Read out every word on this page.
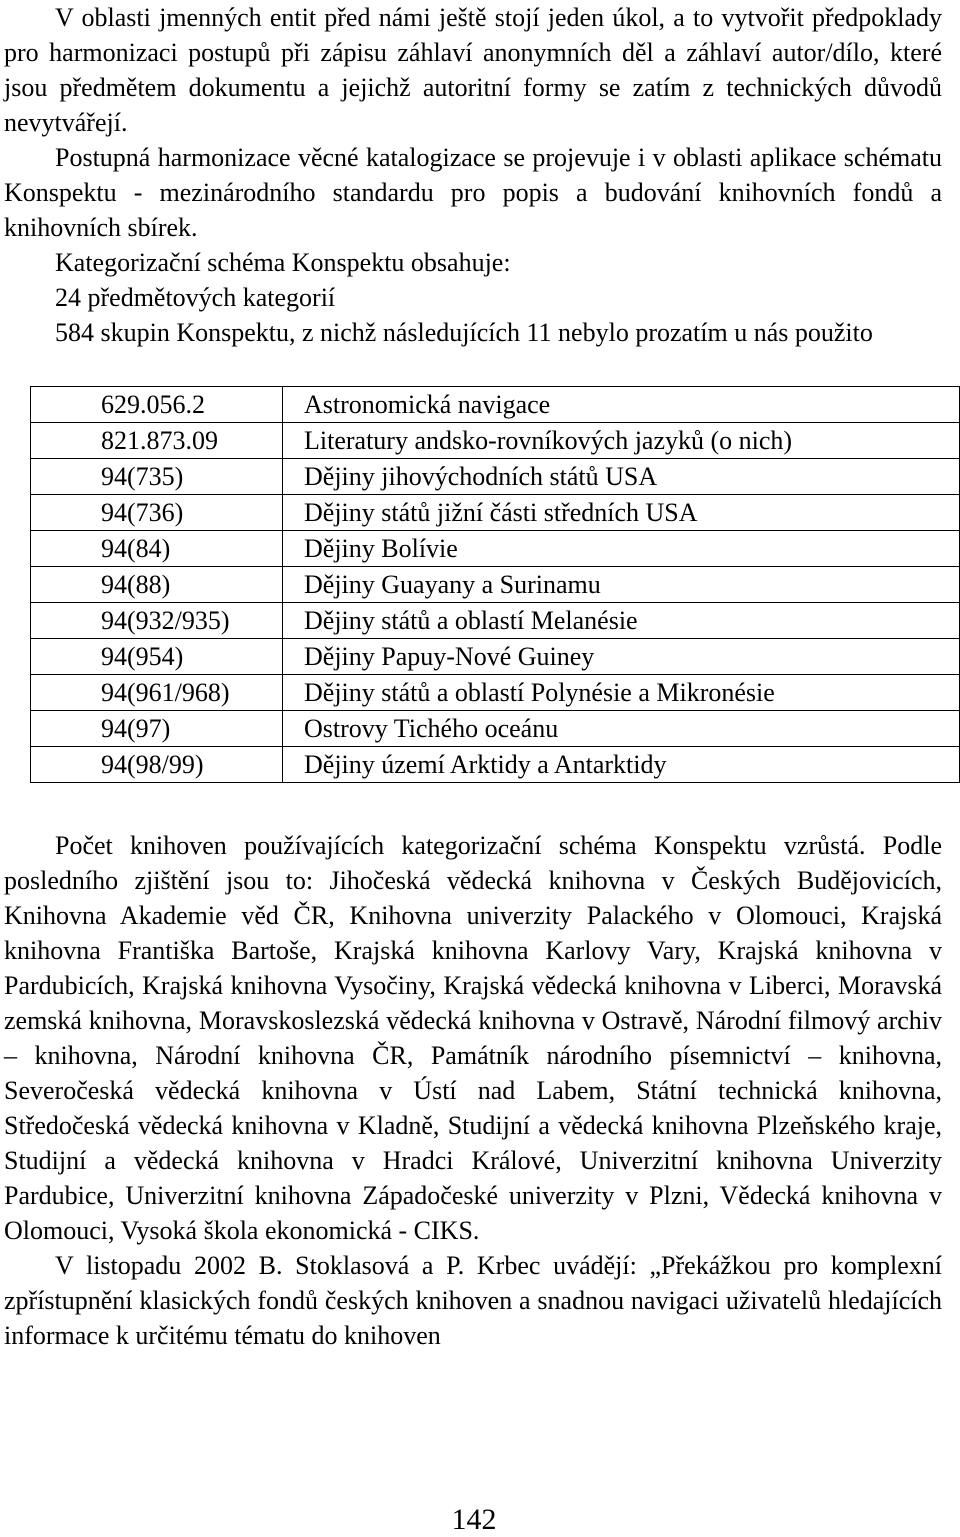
V oblasti jmenných entit před námi ještě stojí jeden úkol, a to vytvořit předpoklady pro harmonizaci postupů při zápisu záhlaví anonymních děl a záhlaví autor/dílo, které jsou předmětem dokumentu a jejichž autoritní formy se zatím z technických důvodů nevytvářejí.

Postupná harmonizace věcné katalogizace se projevuje i v oblasti aplikace schématu Konspektu - mezinárodního standardu pro popis a budování knihovních fondů a knihovních sbírek.

Kategorizační schéma Konspektu obsahuje:

24 předmětových kategorií

584 skupin Konspektu, z nichž následujících 11 nebylo prozatím u nás použito

629.056.2	Astronomická navigace
821.873.09	Literatury andsko-rovníkových jazyků (o nich)
94(735)	Dějiny jihovýchodních států USA
94(736)	Dějiny států jižní části středních USA
94(84)	Dějiny Bolívie
94(88)	Dějiny Guayany a Surinamu
94(932/935)	Dějiny států a oblastí Melanésie
94(954)	Dějiny Papuy-Nové Guiney
94(961/968)	Dějiny států a oblastí Polynésie a Mikronésie
94(97)	Ostrovy Tichého oceánu
94(98/99)	Dějiny území Arktidy a Antarktidy

Počet knihoven používajících kategorizační schéma Konspektu vzrůstá. Podle posledního zjištění jsou to: Jihočeská vědecká knihovna v Českých Budějovicích, Knihovna Akademie věd ČR, Knihovna univerzity Palackého v Olomouci, Krajská knihovna Františka Bartoše, Krajská knihovna Karlovy Vary, Krajská knihovna v Pardubicích, Krajská knihovna Vysočiny, Krajská vědecká knihovna v Liberci, Moravská zemská knihovna, Moravskoslezská vědecká knihovna v Ostravě, Národní filmový archiv – knihovna, Národní knihovna ČR, Památník národního písemnictví – knihovna, Severočeská vědecká knihovna v Ústí nad Labem, Státní technická knihovna, Středočeská vědecká knihovna v Kladně, Studijní a vědecká knihovna Plzeňského kraje, Studijní a vědecká knihovna v Hradci Králové, Univerzitní knihovna Univerzity Pardubice, Univerzitní knihovna Západočeské univerzity v Plzni, Vědecká knihovna v Olomouci, Vysoká škola ekonomická - CIKS.

V listopadu 2002 B. Stoklasová a P. Krbec uvádějí: „Překážkou pro komplexní zpřístupnění klasických fondů českých knihoven a snadnou navigaci uživatelů hledajících informace k určitému tématu do knihoven

142
